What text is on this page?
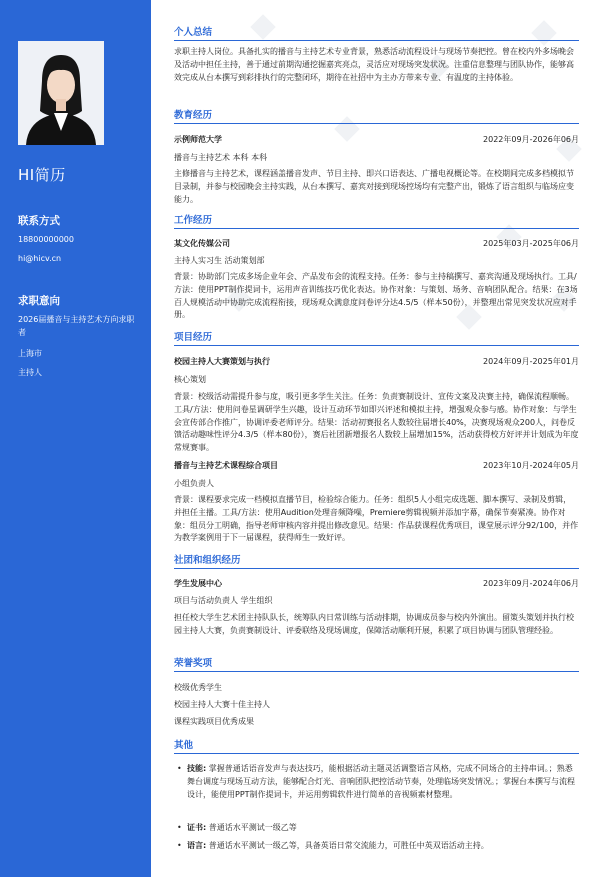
HI简历
联系方式
18800000000
hi@hicv.cn
求职意向
2026届播音与主持艺术方向求职者
上海市
主持人
个人总结
求职主持人岗位。具备扎实的播音与主持艺术专业背景，熟悉活动流程设计与现场节奏把控。曾在校内外多场晚会及活动中担任主持，善于通过前期沟通挖掘嘉宾亮点，灵活应对现场突发状况。注重信息整理与团队协作，能够高效完成从台本撰写到彩排执行的完整闭环，期待在社招中为主办方带来专业、有温度的主持体验。
教育经历
示例师范大学	2022年09月-2026年06月
播音与主持艺术 本科 本科
主修播音与主持艺术，课程涵盖播音发声、节目主持、即兴口语表达、广播电视概论等。在校期间完成多档模拟节目录制，并参与校园晚会主持实践，从台本撰写、嘉宾对接到现场控场均有完整产出，锻炼了语言组织与临场应变能力。
工作经历
某文化传媒公司	2025年03月-2025年06月
主持人实习生 活动策划部
背景：协助部门完成多场企业年会、产品发布会的流程支持。任务：参与主持稿撰写、嘉宾沟通及现场执行。工具/方法：使用PPT制作提词卡，运用声音训练技巧优化表达。协作对象：与策划、场务、音响团队配合。结果：在3场百人规模活动中协助完成流程衔接，现场观众满意度问卷评分达4.5/5（样本50份），并整理出常见突发状况应对手册。
项目经历
校园主持人大赛策划与执行	2024年09月-2025年01月
核心策划
背景：校级活动需提升参与度，吸引更多学生关注。任务：负责赛制设计、宣传文案及决赛主持，确保流程顺畅。工具/方法：使用问卷星调研学生兴趣，设计互动环节如即兴评述和模拟主持，增强观众参与感。协作对象：与学生会宣传部合作推广，协调评委老师评分。结果：活动初赛报名人数较往届增长40%，决赛现场观众200人，问卷反馈活动趣味性评分4.3/5（样本80份），赛后社团新增报名人数较上届增加15%，活动获得校方好评并计划成为年度常规赛事。
播音与主持艺术课程综合项目	2023年10月-2024年05月
小组负责人
背景：课程要求完成一档模拟直播节目，检验综合能力。任务：组织5人小组完成选题、脚本撰写、录制及剪辑，并担任主播。工具/方法：使用Audition处理音频降噪，Premiere剪辑视频并添加字幕，确保节奏紧凑。协作对象：组员分工明确，指导老师审核内容并提出修改意见。结果：作品获课程优秀项目，课堂展示评分92/100，并作为教学案例用于下一届课程，获得师生一致好评。
社团和组织经历
学生发展中心	2023年09月-2024年06月
项目与活动负责人 学生组织
担任校大学生艺术团主持队队长，统筹队内日常训练与活动排期，协调成员参与校内外演出。留策头策划并执行校园主持人大赛，负责赛制设计、评委联络及现场调度，保障活动顺利开展，积累了项目协调与团队管理经验。
荣誉奖项
校级优秀学生
校园主持人大赛十佳主持人
课程实践项目优秀成果
其他
• 技能: 掌握普通话语音发声与表达技巧，能根据活动主题灵活调整语言风格，完成不同场合的主持串词。；熟悉舞台调度与现场互动方法，能够配合灯光、音响团队把控活动节奏，处理临场突发情况。；掌握台本撰写与流程设计，能使用PPT制作提词卡，并运用剪辑软件进行简单的音视频素材整理。
• 证书: 普通话水平测试一级乙等
• 语言: 普通话水平测试一级乙等，具备英语日常交流能力，可胜任中英双语活动主持。
